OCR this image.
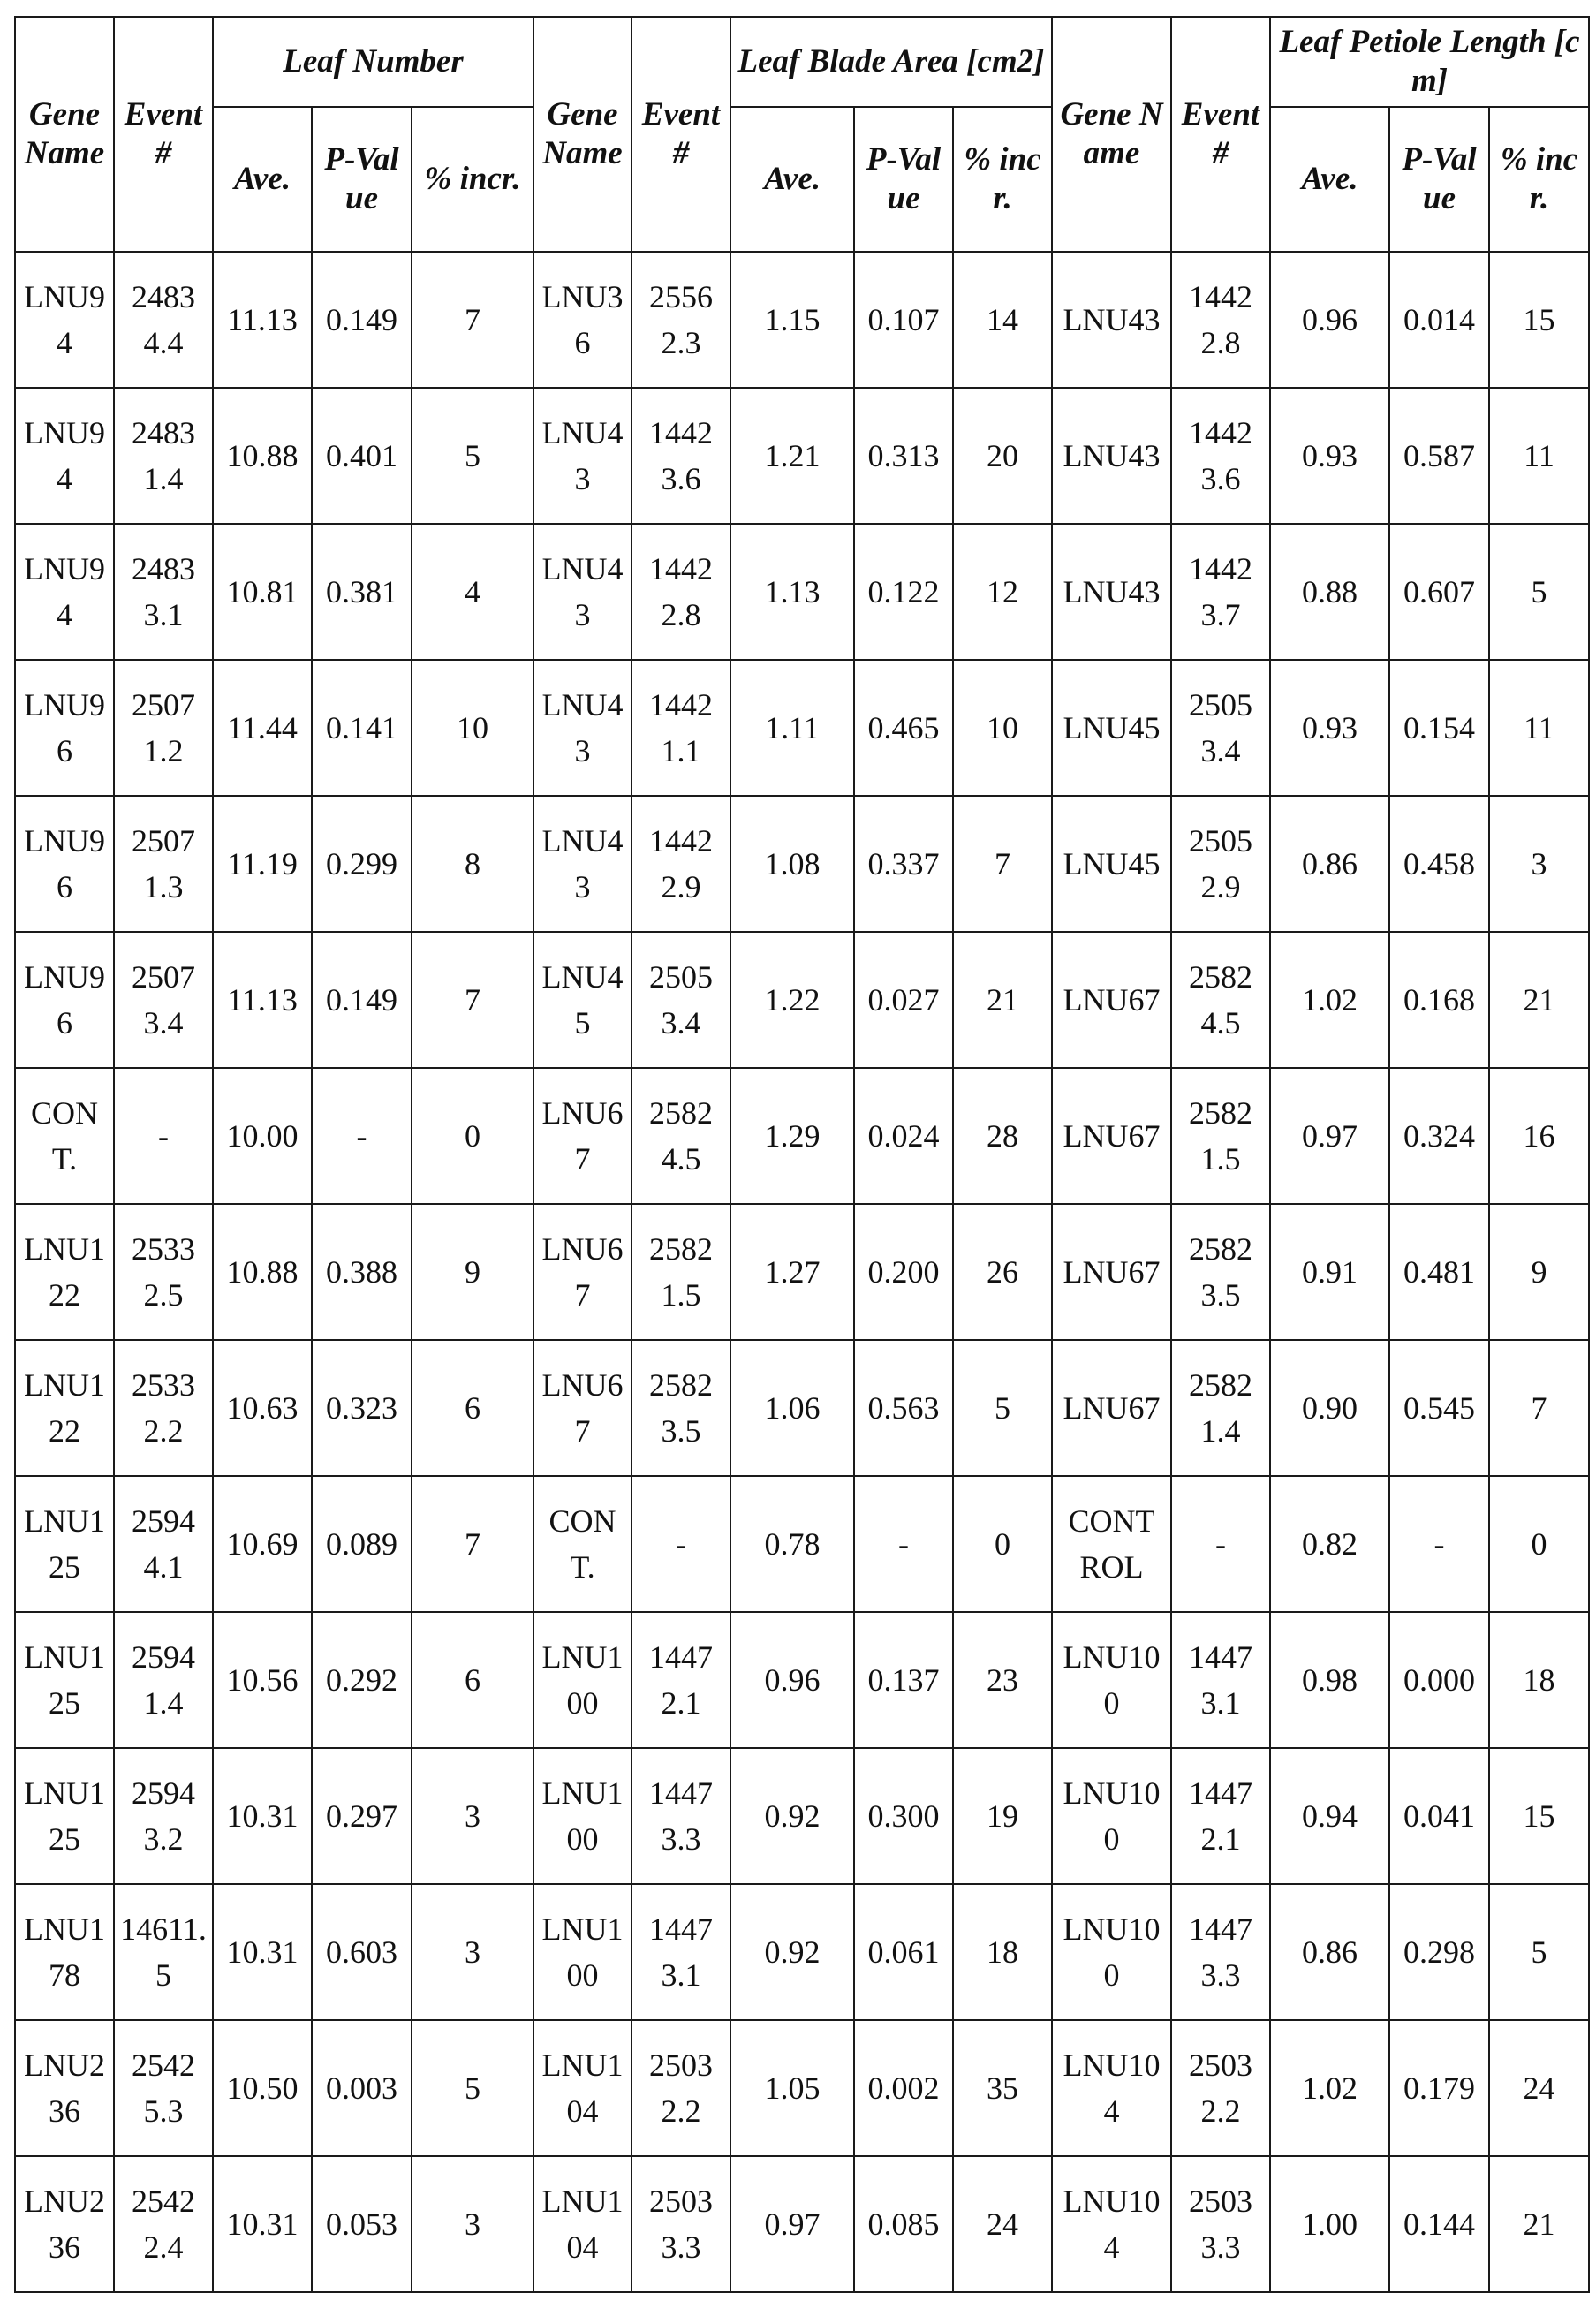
Gene Name	Event #	Leaf Number			Gene Name	Event #	Leaf Blade Area [cm2]			Gene Name	Event #	Leaf Petiole Length [cm]		
		Ave.	P-Value	% incr.			Ave.	P-Value	% incr.			Ave.	P-Value	% incr.
LNU94	24834.4	11.13	0.149	7	LNU36	25562.3	1.15	0.107	14	LNU43	14422.8	0.96	0.014	15
LNU94	24831.4	10.88	0.401	5	LNU43	14423.6	1.21	0.313	20	LNU43	14423.6	0.93	0.587	11
LNU94	24833.1	10.81	0.381	4	LNU43	14422.8	1.13	0.122	12	LNU43	14423.7	0.88	0.607	5
LNU96	25071.2	11.44	0.141	10	LNU43	14421.1	1.11	0.465	10	LNU45	25053.4	0.93	0.154	11
LNU96	25071.3	11.19	0.299	8	LNU43	14422.9	1.08	0.337	7	LNU45	25052.9	0.86	0.458	3
LNU96	25073.4	11.13	0.149	7	LNU45	25053.4	1.22	0.027	21	LNU67	25824.5	1.02	0.168	21
CONT.	-	10.00	-	0	LNU67	25824.5	1.29	0.024	28	LNU67	25821.5	0.97	0.324	16
LNU122	25332.5	10.88	0.388	9	LNU67	25821.5	1.27	0.200	26	LNU67	25823.5	0.91	0.481	9
LNU122	25332.2	10.63	0.323	6	LNU67	25823.5	1.06	0.563	5	LNU67	25821.4	0.90	0.545	7
LNU125	25944.1	10.69	0.089	7	CONT.	-	0.78	-	0	CONTROL	-	0.82	-	0
LNU125	25941.4	10.56	0.292	6	LNU100	14472.1	0.96	0.137	23	LNU100	14473.1	0.98	0.000	18
LNU125	25943.2	10.31	0.297	3	LNU100	14473.3	0.92	0.300	19	LNU100	14472.1	0.94	0.041	15
LNU178	14611.5	10.31	0.603	3	LNU100	14473.1	0.92	0.061	18	LNU100	14473.3	0.86	0.298	5
LNU236	25425.3	10.50	0.003	5	LNU104	25032.2	1.05	0.002	35	LNU104	25032.2	1.02	0.179	24
LNU236	25422.4	10.31	0.053	3	LNU104	25033.3	0.97	0.085	24	LNU104	25033.3	1.00	0.144	21
